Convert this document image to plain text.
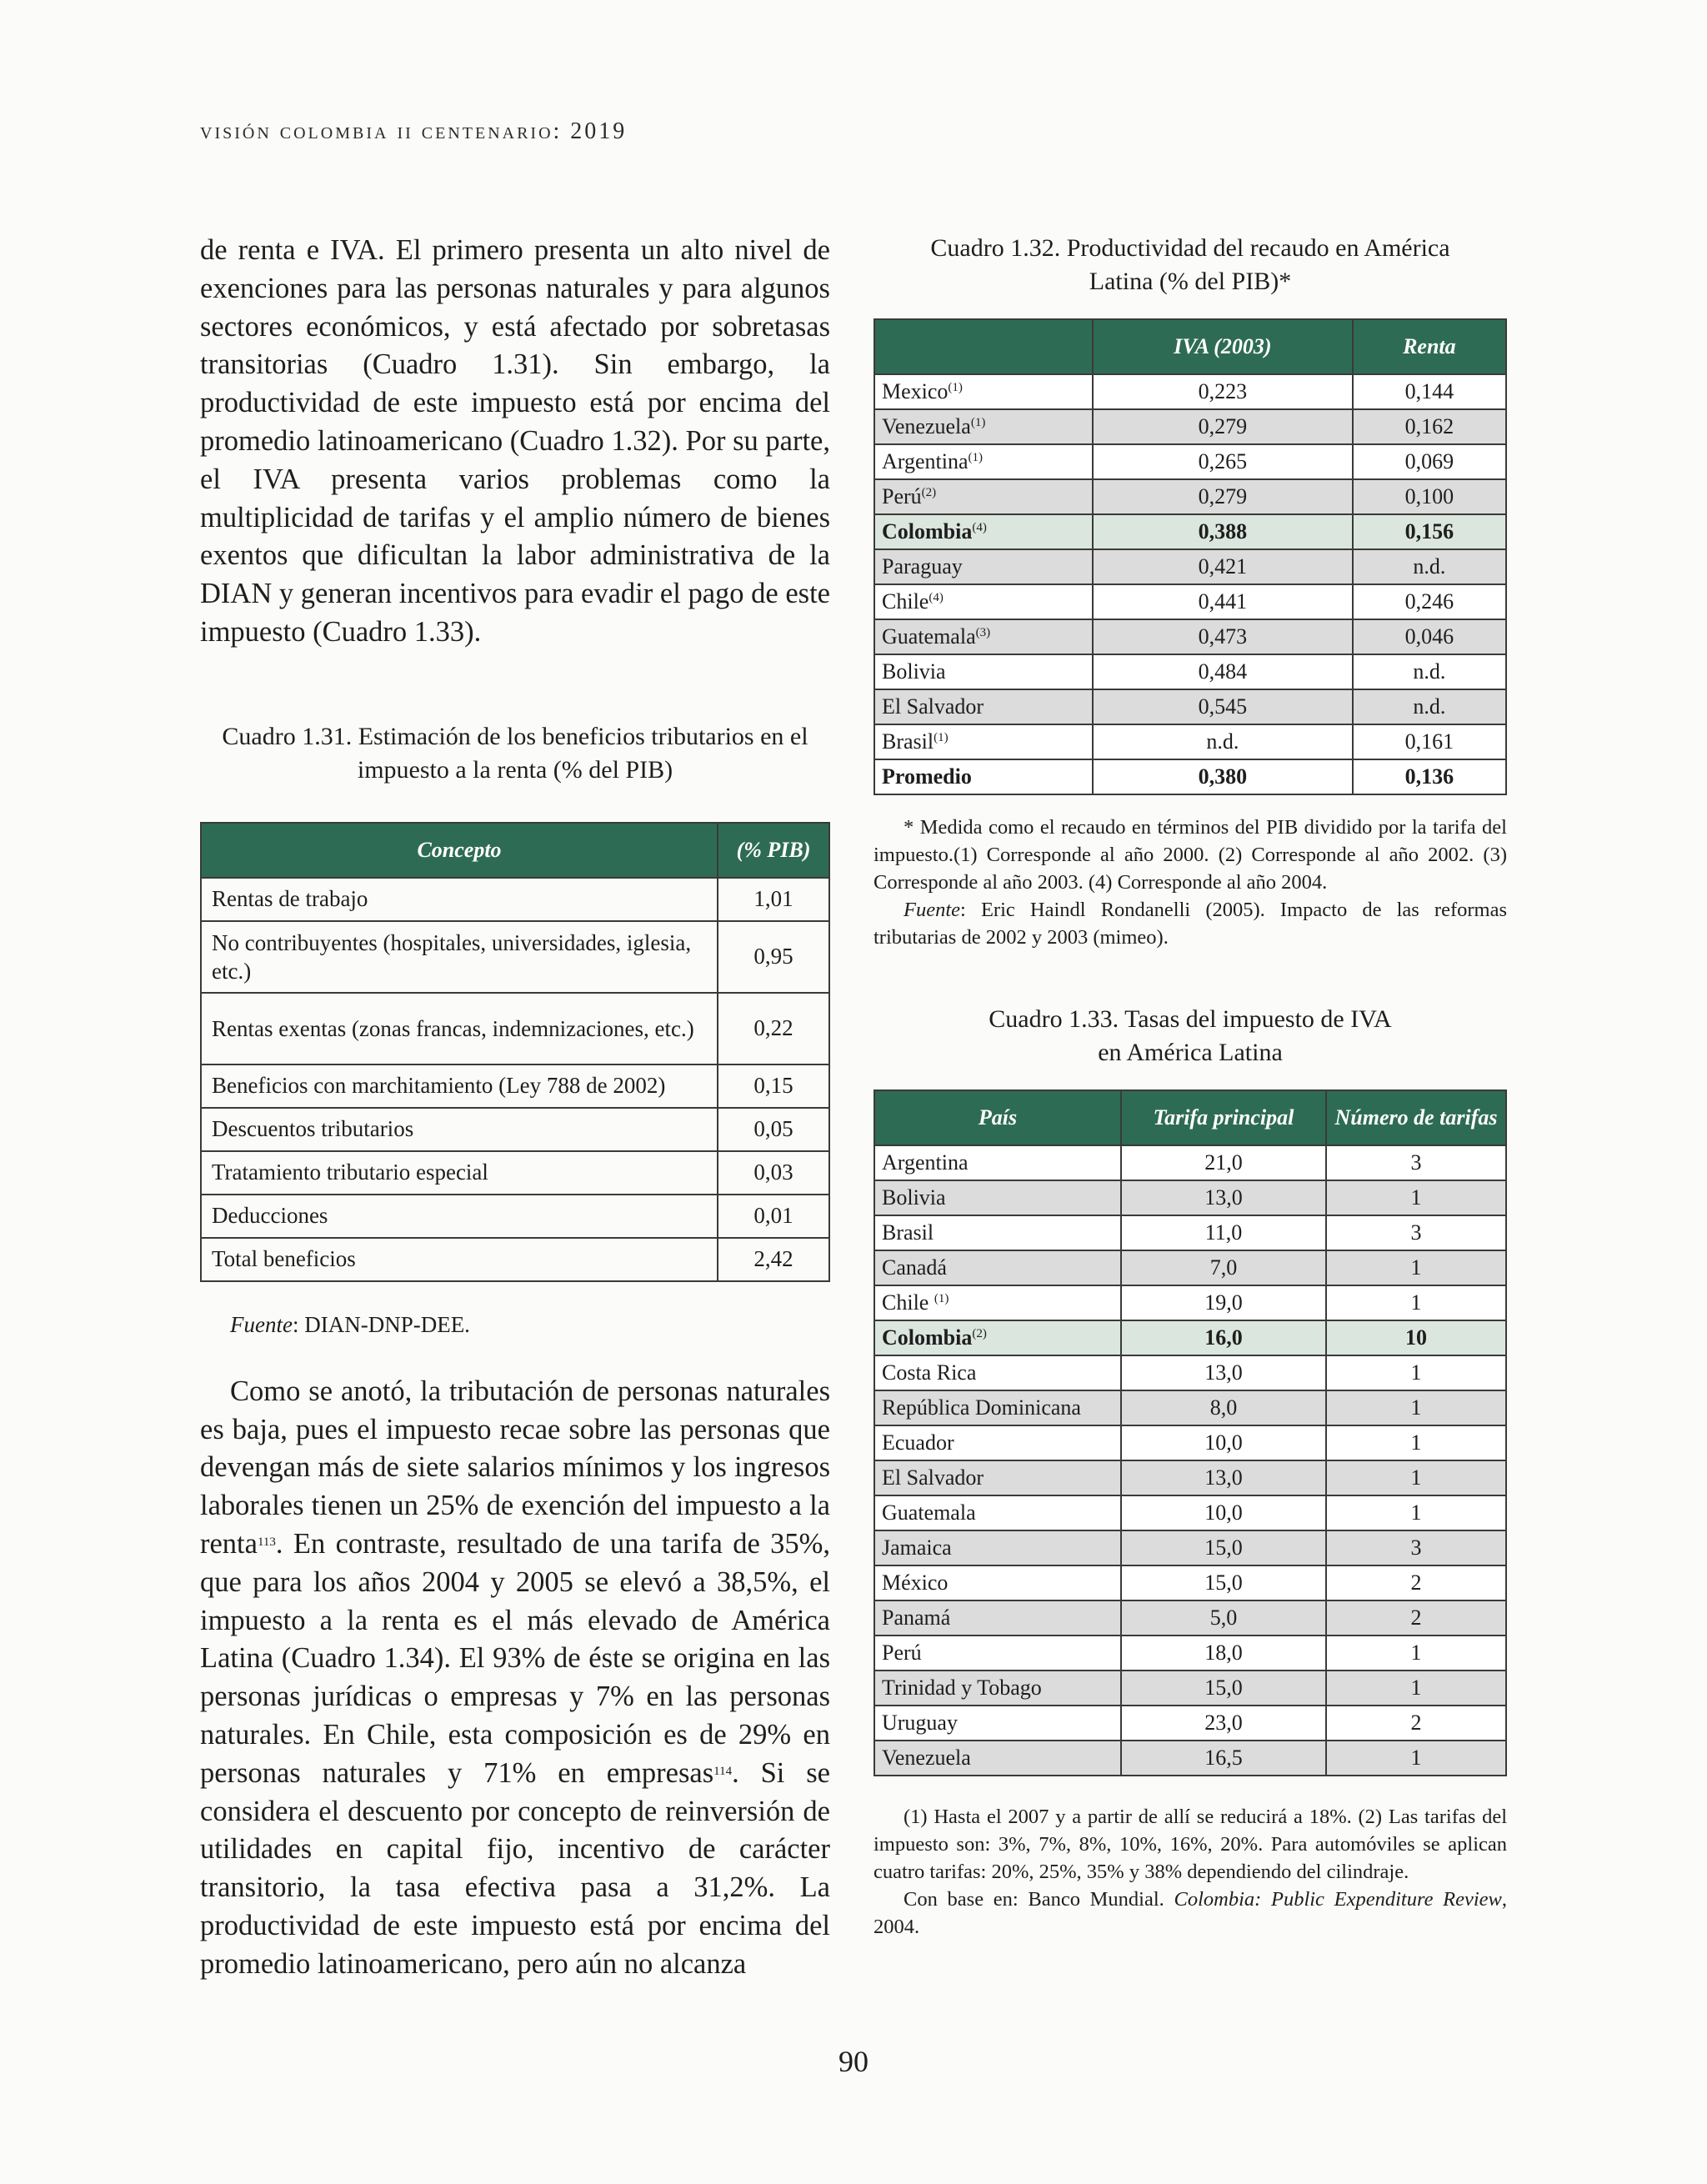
visión colombia ii centenario: 2019

de renta e IVA. El primero presenta un alto nivel de exenciones para las personas naturales y para algunos sectores económicos, y está afectado por sobretasas transitorias (Cuadro 1.31). Sin embargo, la productividad de este impuesto está por encima del promedio latinoamericano (Cuadro 1.32). Por su parte, el IVA presenta varios problemas como la multiplicidad de tarifas y el amplio número de bienes exentos que dificultan la labor administrativa de la DIAN y generan incentivos para evadir el pago de este impuesto (Cuadro 1.33).

Cuadro 1.31. Estimación de los beneficios tributarios en el impuesto a la renta (% del PIB)

Concepto	(% PIB)
Rentas de trabajo	1,01
No contribuyentes (hospitales, universidades, iglesia, etc.)	0,95
Rentas exentas (zonas francas, indemnizaciones, etc.)	0,22
Beneficios con marchitamiento (Ley 788 de 2002)	0,15
Descuentos tributarios	0,05
Tratamiento tributario especial	0,03
Deducciones	0,01
Total beneficios	2,42

Fuente: DIAN-DNP-DEE.

Como se anotó, la tributación de personas naturales es baja, pues el impuesto recae sobre las personas que devengan más de siete salarios mínimos y los ingresos laborales tienen un 25% de exención del impuesto a la renta$^{113}$. En contraste, resultado de una tarifa de 35%, que para los años 2004 y 2005 se elevó a 38,5%, el impuesto a la renta es el más elevado de América Latina (Cuadro 1.34). El 93% de éste se origina en las personas jurídicas o empresas y 7% en las personas naturales. En Chile, esta composición es de 29% en personas naturales y 71% en empresas$^{114}$. Si se considera el descuento por concepto de reinversión de utilidades en capital fijo, incentivo de carácter transitorio, la tasa efectiva pasa a 31,2%. La productividad de este impuesto está por encima del promedio latinoamericano, pero aún no alcanza

Cuadro 1.32. Productividad del recaudo en América Latina (% del PIB)*

	IVA (2003)	Renta
Mexico$^{(1)}$	0,223	0,144
Venezuela$^{(1)}$	0,279	0,162
Argentina$^{(1)}$	0,265	0,069
Perú$^{(2)}$	0,279	0,100
Colombia$^{(4)}$	0,388	0,156
Paraguay	0,421	n.d.
Chile$^{(4)}$	0,441	0,246
Guatemala$^{(3)}$	0,473	0,046
Bolivia	0,484	n.d.
El Salvador	0,545	n.d.
Brasil$^{(1)}$	n.d.	0,161
Promedio	0,380	0,136

* Medida como el recaudo en términos del PIB dividido por la tarifa del impuesto.(1) Corresponde al año 2000. (2) Corresponde al año 2002. (3) Corresponde al año 2003. (4) Corresponde al año 2004.

Fuente: Eric Haindl Rondanelli (2005). Impacto de las reformas tributarias de 2002 y 2003 (mimeo).

Cuadro 1.33. Tasas del impuesto de IVA
en América Latina

País	Tarifa principal	Número de tarifas
Argentina	21,0	3
Bolivia	13,0	1
Brasil	11,0	3
Canadá	7,0	1
Chile $^{(1)}$	19,0	1
Colombia$^{(2)}$	16,0	10
Costa Rica	13,0	1
República Dominicana	8,0	1
Ecuador	10,0	1
El Salvador	13,0	1
Guatemala	10,0	1
Jamaica	15,0	3
México	15,0	2
Panamá	5,0	2
Perú	18,0	1
Trinidad y Tobago	15,0	1
Uruguay	23,0	2
Venezuela	16,5	1

(1) Hasta el 2007 y a partir de allí se reducirá a 18%. (2) Las tarifas del impuesto son: 3%, 7%, 8%, 10%, 16%, 20%. Para automóviles se aplican cuatro tarifas: 20%, 25%, 35% y 38% dependiendo del cilindraje.

Con base en: Banco Mundial. Colombia: Public Expenditure Review, 2004.

90
